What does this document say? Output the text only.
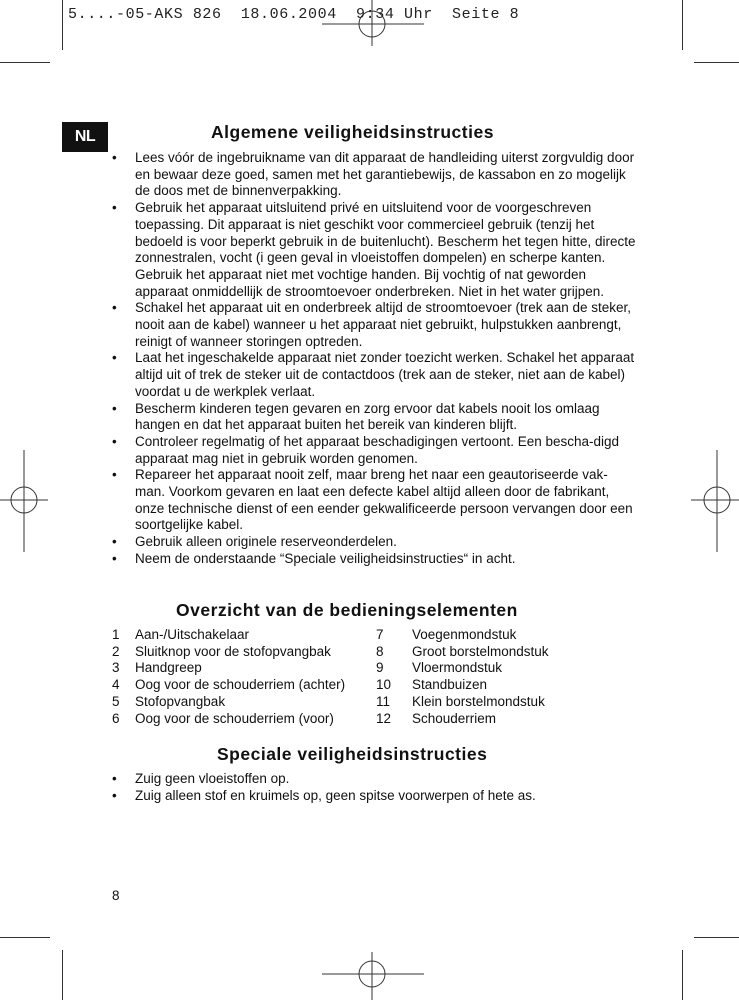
5....-05-AKS 826  18.06.2004  9:34 Uhr  Seite 8
NL	Algemene veiligheidsinstructies
• Lees vóór de ingebruikname van dit apparaat de handleiding uiterst zorgvuldig door en bewaar deze goed, samen met het garantiebewijs, de kassabon en zo mogelijk de doos met de binnenverpakking.
• Gebruik het apparaat uitsluitend privé en uitsluitend voor de voorgeschreven toepassing. Dit apparaat is niet geschikt voor commercieel gebruik (tenzij het bedoeld is voor beperkt gebruik in de buitenlucht). Bescherm het tegen hitte, directe zonnestralen, vocht (i geen geval in vloeistoffen dompelen) en scherpe kanten. Gebruik het apparaat niet met vochtige handen. Bij vochtig of nat geworden apparaat onmiddellijk de stroomtoevoer onderbreken. Niet in het water grijpen.
• Schakel het apparaat uit en onderbreek altijd de stroomtoevoer (trek aan de steker, nooit aan de kabel) wanneer u het apparaat niet gebruikt, hulpstukken aanbrengt, reinigt of wanneer storingen optreden.
• Laat het ingeschakelde apparaat niet zonder toezicht werken. Schakel het apparaat altijd uit of trek de steker uit de contactdoos (trek aan de steker, niet aan de kabel) voordat u de werkplek verlaat.
• Bescherm kinderen tegen gevaren en zorg ervoor dat kabels nooit los omlaag hangen en dat het apparaat buiten het bereik van kinderen blijft.
• Controleer regelmatig of het apparaat beschadigingen vertoont. Een bescha-digd apparaat mag niet in gebruik worden genomen.
• Repareer het apparaat nooit zelf, maar breng het naar een geautoriseerde vak-man. Voorkom gevaren en laat een defecte kabel altijd alleen door de fabrikant, onze technische dienst of een eender gekwalificeerde persoon vervangen door een soortgelijke kabel.
• Gebruik alleen originele reserveonderdelen.
• Neem de onderstaande “Speciale veiligheidsinstructies“ in acht.
Overzicht van de bedieningselementen
1	Aan-/Uitschakelaar
2	Sluitknop voor de stofopvangbak
3	Handgreep
4	Oog voor de schouderriem (achter)
5	Stofopvangbak
6	Oog voor de schouderriem (voor)
7	Voegenmondstuk
8	Groot borstelmondstuk
9	Vloermondstuk
10	Standbuizen
11	Klein borstelmondstuk
12	Schouderriem
Speciale veiligheidsinstructies
• Zuig geen vloeistoffen op.
• Zuig alleen stof en kruimels op, geen spitse voorwerpen of hete as.
8
